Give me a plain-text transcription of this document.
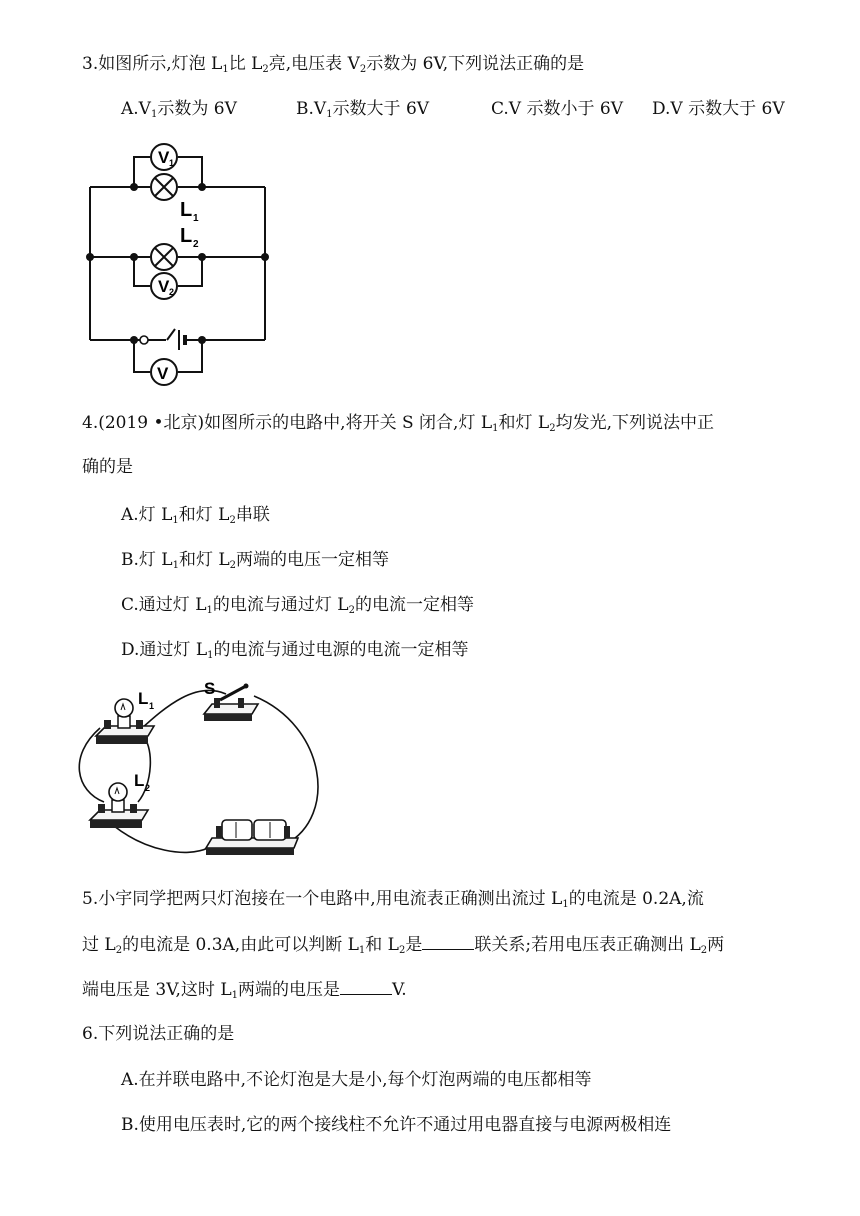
3.如图所示,灯泡 $L_1$比 $L_2$亮,电压表 $V_2$示数为 6V,下列说法正确的是
$A.V_1$示数为 6V	$B.V_1$示数大于 6V	C.V 示数小于 6V D.V 示数大于 6V
V 1
V 2
V
L 1
L 2
4.(2019 •北京)如图所示的电路中,将开关 S 闭合,灯 $L_1$和灯 $L_2$均发光,下列说法中正
确的是
A.灯 $L_1$和灯 $L_2$串联
B.灯 $L_1$和灯 $L_2$两端的电压一定相等
C.通过灯 $L_1$的电流与通过灯 $L_2$的电流一定相等
D.通过灯 $L_1$的电流与通过电源的电流一定相等
S
L 1
L 2
5.小宇同学把两只灯泡接在一个电路中,用电流表正确测出流过 $L_1$的电流是 0.2A,流
过 $L_2$的电流是 0.3A,由此可以判断 $L_1$和 $L_2$是	联关系;若用电压表正确测出 $L_2$两
端电压是 3V,这时 $L_1$两端的电压是	V.
6.下列说法正确的是
A.在并联电路中,不论灯泡是大是小,每个灯泡两端的电压都相等
B.使用电压表时,它的两个接线柱不允许不通过用电器直接与电源两极相连
